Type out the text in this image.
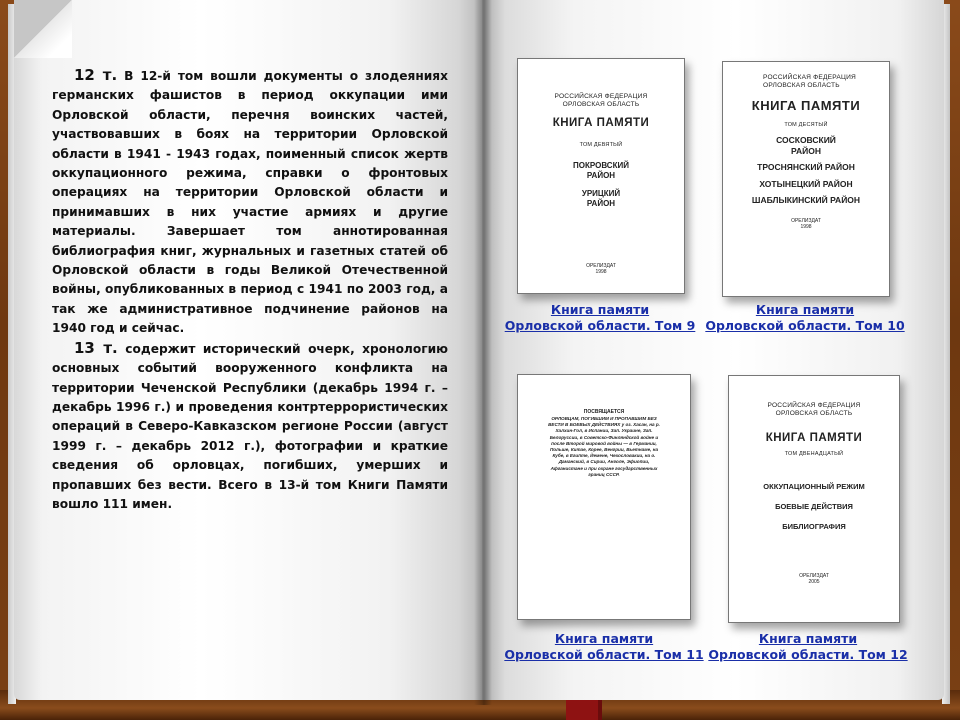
12 т. В 12-й том вошли документы о злодеяниях германских фашистов в период оккупации ими Орловской области, перечня воинских частей, участвовавших в боях на территории Орловской области в 1941 - 1943 годах, поименный список жертв оккупационного режима, справки о фронтовых операциях на территории Орловской области и принимавших в них участие армиях и другие материалы. Завершает том аннотированная библиография книг, журнальных и газетных статей об Орловской области в годы Великой Отечественной войны, опубликованных в период с 1941 по 2003 год, а так же административное подчинение районов на 1940 год и сейчас.

13 т. содержит исторический очерк, хронологию основных событий вооруженного конфликта на территории Чеченской Республики (декабрь 1994 г. – декабрь 1996 г.) и проведения контртеррористических операций в Северо-Кавказском регионе России (август 1999 г. – декабрь 2012 г.), фотографии и краткие сведения об орловцах, погибших, умерших и пропавших без вести. Всего в 13-й том Книги Памяти вошло 111 имен.

РОССИЙСКАЯ ФЕДЕРАЦИЯ
ОРЛОВСКАЯ ОБЛАСТЬ
КНИГА ПАМЯТИ
ТОМ ДЕВЯТЫЙ
ПОКРОВСКИЙ РАЙОН
УРИЦКИЙ РАЙОН
ОРЕЛИЗДАТ
1998
Книга памяти
Орловской области. Том 9
РОССИЙСКАЯ ФЕДЕРАЦИЯ
ОРЛОВСКАЯ ОБЛАСТЬ
КНИГА ПАМЯТИ
ТОМ ДЕСЯТЫЙ
СОСКОВСКИЙ РАЙОН
ТРОСНЯНСКИЙ РАЙОН
ХОТЫНЕЦКИЙ РАЙОН
ШАБЛЫКИНСКИЙ РАЙОН
ОРЕЛИЗДАТ
1998
Книга памяти
Орловской области. Том 10
ПОСВЯЩАЕТСЯ
ОРЛОВЦАМ, ПОГИБШИМ И ПРОПАВШИМ БЕЗ ВЕСТИ В БОЕВЫХ ДЕЙСТВИЯХ у оз. Хасан, на р. Халхин-Гол, в Испании, Зап. Украине, Зап. Белоруссии, в Советско-Финляндской войне и после Второй мировой войны — в Германии, Польше, Китае, Корее, Венгрии, Вьетнаме, на Кубе, в Египте, Йемене, Чехословакии, на о. Даманский, в Сирии, Анголе, Эфиопии, Афганистане и при охране государственных границ СССР.
Книга памяти
Орловской области. Том 11
РОССИЙСКАЯ ФЕДЕРАЦИЯ
ОРЛОВСКАЯ ОБЛАСТЬ
КНИГА ПАМЯТИ
ТОМ ДВЕНАДЦАТЫЙ
ОККУПАЦИОННЫЙ РЕЖИМ
БОЕВЫЕ ДЕЙСТВИЯ
БИБЛИОГРАФИЯ
ОРЕЛИЗДАТ
2005
Книга памяти
Орловской области. Том 12
